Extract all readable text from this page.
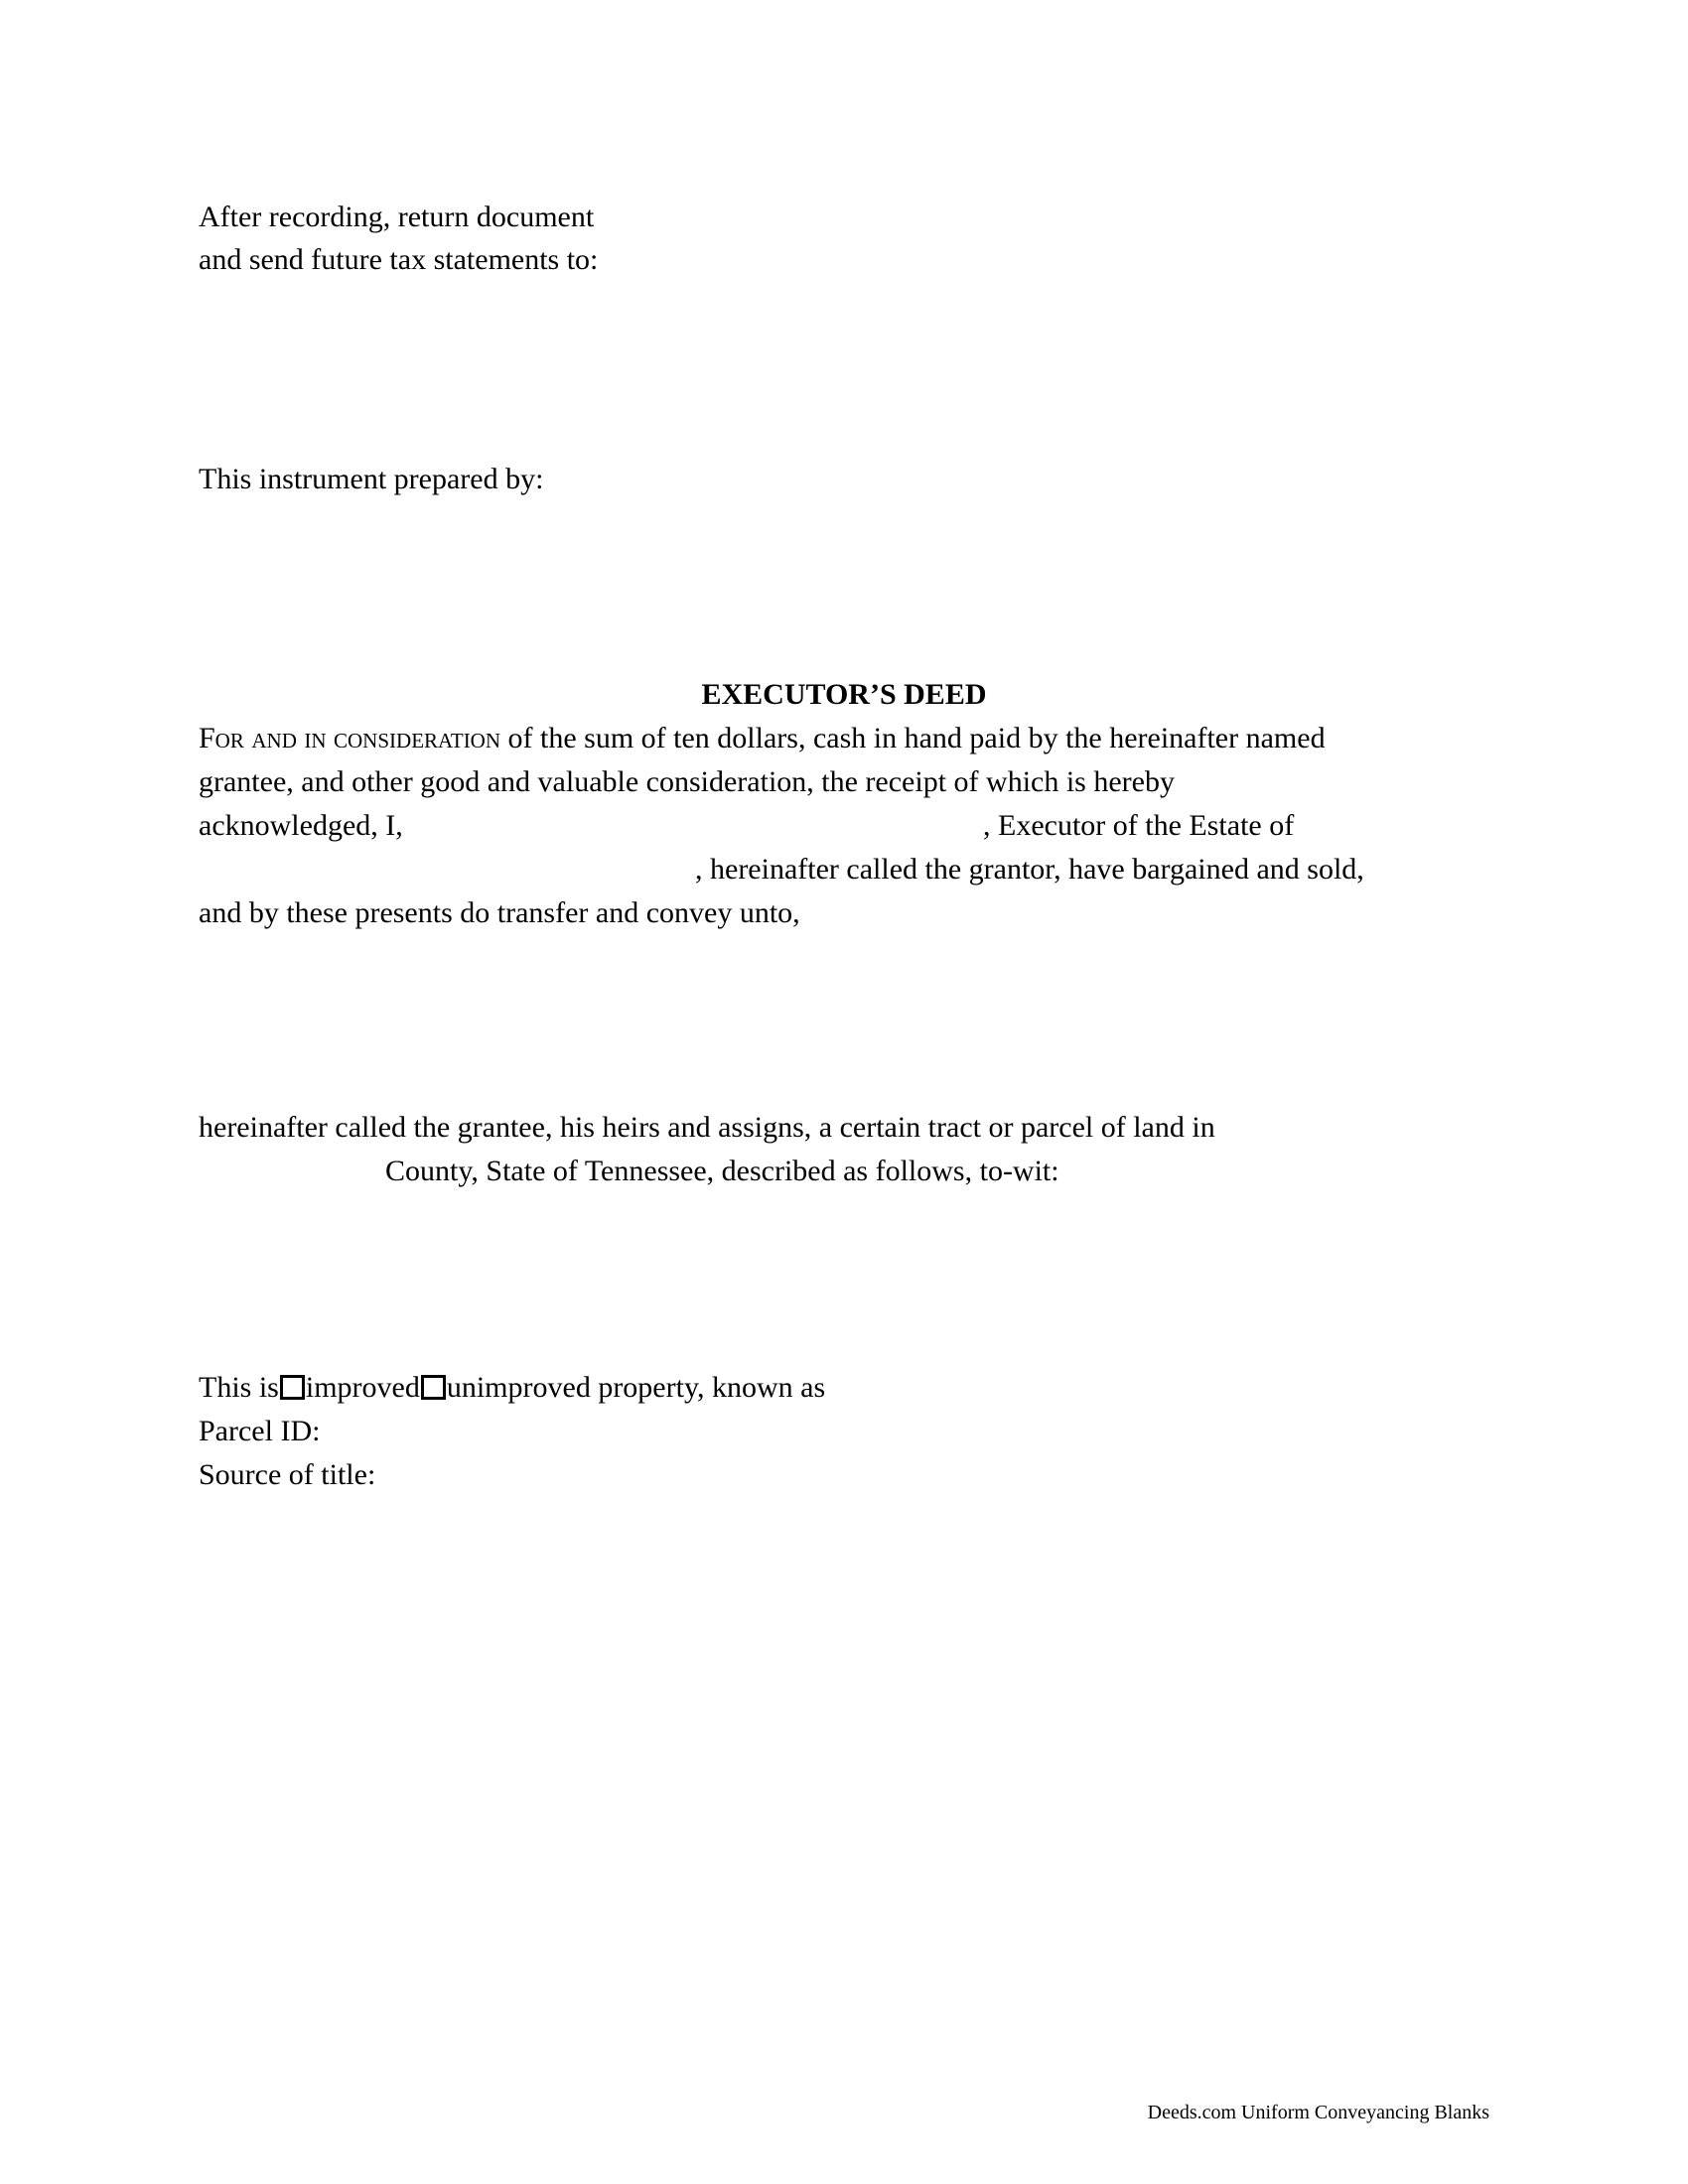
After recording, return document
and send future tax statements to:
This instrument prepared by:
EXECUTOR’S DEED
For and in consideration of the sum of ten dollars, cash in hand paid by the hereinafter named
grantee, and other good and valuable consideration, the receipt of which is hereby
acknowledged, I,	, Executor of the Estate of
, hereinafter called the grantor, have bargained and sold,
and by these presents do transfer and convey unto,
hereinafter called the grantee, his heirs and assigns, a certain tract or parcel of land in
County, State of Tennessee, described as follows, to-wit:
This is improved unimproved property, known as
Parcel ID:
Source of title:
Deeds.com Uniform Conveyancing Blanks
